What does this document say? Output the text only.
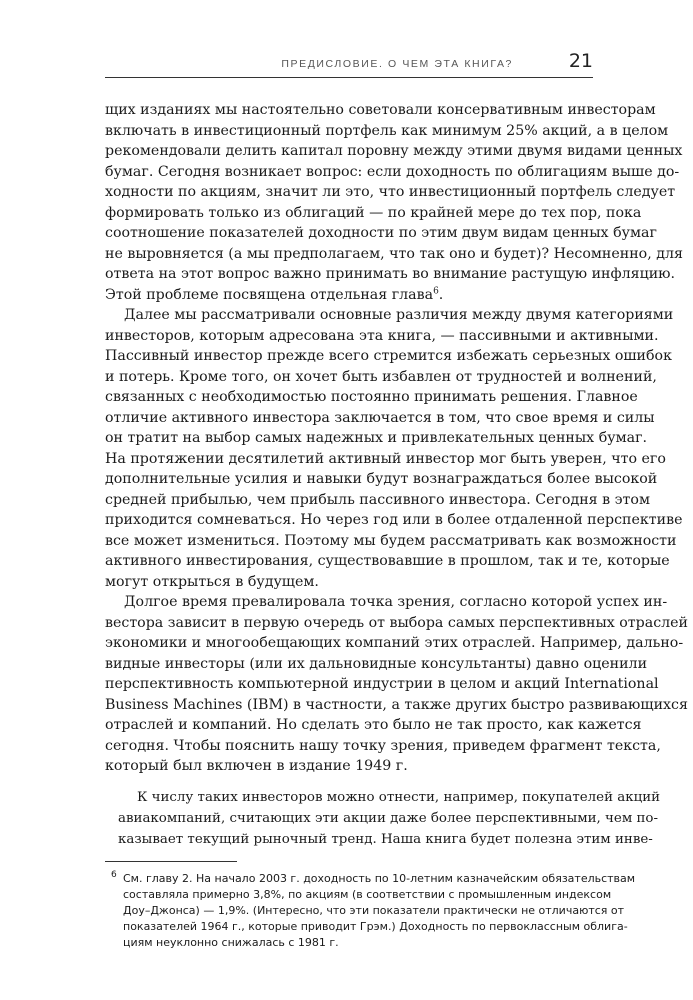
ПРЕДИСЛОВИЕ. О ЧЕМ ЭТА КНИГА?	21
щих изданиях мы настоятельно советовали консервативным инвесторам
включать в инвестиционный портфель как минимум 25% акций, а в целом
рекомендовали делить капитал поровну между этими двумя видами ценных
бумаг. Сегодня возникает вопрос: если доходность по облигациям выше до-
ходности по акциям, значит ли это, что инвестиционный портфель следует
формировать только из облигаций — по крайней мере до тех пор, пока
соотношение показателей доходности по этим двум видам ценных бумаг
не выровняется (а мы предполагаем, что так оно и будет)? Несомненно, для
ответа на этот вопрос важно принимать во внимание растущую инфляцию.
Этой проблеме посвящена отдельная глава$^6$.
Далее мы рассматривали основные различия между двумя категориями
инвесторов, которым адресована эта книга, — пассивными и активными.
Пассивный инвестор прежде всего стремится избежать серьезных ошибок
и потерь. Кроме того, он хочет быть избавлен от трудностей и волнений,
связанных с необходимостью постоянно принимать решения. Главное
отличие активного инвестора заключается в том, что свое время и силы
он тратит на выбор самых надежных и привлекательных ценных бумаг.
На протяжении десятилетий активный инвестор мог быть уверен, что его
дополнительные усилия и навыки будут вознаграждаться более высокой
средней прибылью, чем прибыль пассивного инвестора. Сегодня в этом
приходится сомневаться. Но через год или в более отдаленной перспективе
все может измениться. Поэтому мы будем рассматривать как возможности
активного инвестирования, существовавшие в прошлом, так и те, которые
могут открыться в будущем.
Долгое время превалировала точка зрения, согласно которой успех ин-
вестора зависит в первую очередь от выбора самых перспективных отраслей
экономики и многообещающих компаний этих отраслей. Например, дально-
видные инвесторы (или их дальновидные консультанты) давно оценили
перспективность компьютерной индустрии в целом и акций International
Business Machines (IBM) в частности, а также других быстро развивающихся
отраслей и компаний. Но сделать это было не так просто, как кажется
сегодня. Чтобы пояснить нашу точку зрения, приведем фрагмент текста,
который был включен в издание 1949 г.
К числу таких инвесторов можно отнести, например, покупателей акций
авиакомпаний, считающих эти акции даже более перспективными, чем по-
казывает текущий рыночный тренд. Наша книга будет полезна этим инве-
$^6$ См. главу 2. На начало 2003 г. доходность по 10-летним казначейским обязательствам
составляла примерно 3,8%, по акциям (в соответствии с промышленным индексом
Доу–Джонса) — 1,9%. (Интересно, что эти показатели практически не отличаются от
показателей 1964 г., которые приводит Грэм.) Доходность по первоклассным облига-
циям неуклонно снижалась с 1981 г.
